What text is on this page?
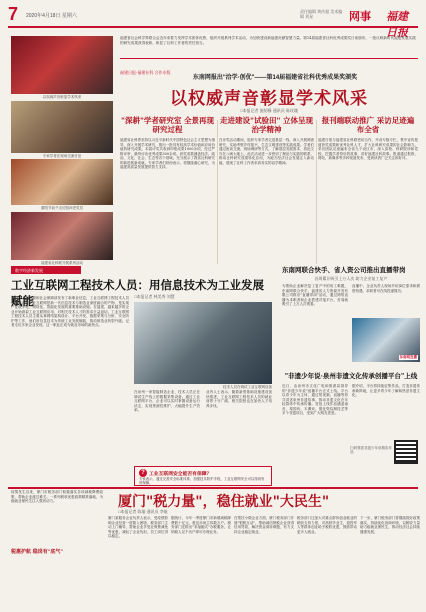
7 2020年4月18日 星期六
责任编辑 黄传超 美术编辑 刘星	网事 福建日报
以权威声音彰显学术风采
专家学者在现场交流讨论
重阳节前夕走访慰问老党员
福建省社科联开展系列活动
福建省社会科学界联合会近年来着力发挥学术团体优势，组织开展系列学术活动，为加快建设新福建贡献智慧力量。第14届福建省社科优秀成果奖日前颁布，一批反映新时代福建发展实践的研究成果获得表彰，彰显了社科工作者的责任担当。
福建日报·福建社科 合作专版
东南网报出"洽学·创优"——第14届福建省社科优秀成果奖颁奖
以权威声音彰显学术风采
□本报记者 施韧静 通讯员 陈玫瑰
"深耕"学者研究室 全景再现研究过程
福建省社科界坚持以习近平新时代中国特色社会主义思想为指导，深入开展学术研究，推出一批具有较高学术价值和应用价值的研究成果。本届评奖共收到申报成果1000余项，经过严格评审，最终评出优秀成果300余项。获奖成果涵盖经济、政治、文化、社会、生态等各个领域，充分展示了我省社科研究的新进展新成就。专家学者们纷纷表示，将继续潜心研究，为福建高质量发展提供智力支持。
走进建设"试验田" 立体呈现治学精神
在评奖活动期间，组织专家学者走进基层一线，深入开展调查研究，实地考察乡村振兴、生态文明建设等实践成果。学者们通过座谈交流、现场调研等方式，了解基层发展需求，将论文写在八闽大地上。此次活动进一步密切了理论与实践的联系，推动社科研究成果转化应用，为地方经济社会发展注入新动能，展现了社科工作者求真务实的治学精神。
报刊端联动推广 采访足迹遍布全省
福建日报与福建省社科联密切合作，开设专版专栏，集中宣传报道获奖成果和优秀社科人才，扩大社科研究成果的社会影响力。采访团队足迹遍布全省九个设区市，深入高校、科研院所和党校，挖掘学者背后的故事，讲好福建社科故事。报道通过报纸、网站、新媒体等多种渠道发布，受到读者广泛关注和好评。
数字经济新发展
工业互联网工程技术人员：用信息技术为工业发展赋能	□本报记者 林美秀 刘慧
近日，人力资源和社会保障部发布了新职业信息，工业互联网工程技术人员位列其中。工业互联网是新一代信息技术与制造业深度融合的产物，是实现产业数字化、网络化、智能化发展的重要基础设施。在福建，越来越多的企业开始探索工业互联网应用，对相关技术人才的需求日益迫切。工业互联网工程技术人员主要从事网络架构设计、平台开发、数据采集与分析、安全防护等工作，他们用信息技术为传统工业发展赋能，推动制造业转型升级。记者走访多家企业发现，这一职业正成为就业市场的新热点。
技术人员在调试工业互联网设备
在泉州一家智能制造企业，技术人员正在调试生产线上的数据采集设备。通过工业互联网平台，企业可以实时掌握设备运行状态，实现预测性维护，大幅提升生产效率。
业内人士表示，随着新型基础设施建设加快推进，工业互联网工程技术人员的就业前景十分广阔，相关院校也在加快人才培养步伐。
? 工业互联网安全能否有保障？
专家表示，通过完善安全标准体系、加强技术防护手段，工业互联网安全可以得到有效保障。
东南网联合快手、省人资公司推出直播带岗
首周累计吸引上万人次 助力企业复工复产
为帮助企业解决复工复产中的用工难题，东南网联合快手、福建省人力资源开发有限公司推出"直播带岗"活动，通过网络直播为求职者和企业搭建对接平台，首周就吸引了上万人次观看。
直播中，企业负责人现场介绍岗位需求和薪资待遇，求职者可在线投递简历。
东南网直播
"非遗少年说·泉州非遗文化传承创播平台"上线
近日，由泉州市文化广电和旅游局指导的"非遗少年说"创播平台正式上线。平台以青少年为主体，通过短视频、直播等形式讲述泉州非遗故事，推动非遗文化在年轻群体中传承传播。首批上线作品涵盖南音、梨园戏、木偶戏、德化瓷烧制技艺等多个非遗项目，受到广大网友喜爱。
据介绍，平台将持续征集作品，打造非遗传承新阵地，让更多青少年了解和热爱非遗文化。
扫码观看非遗少年说精彩作品
疫情发生以来，厦门市税务部门积极落实各项减税降费政策，帮助企业渡过难关。一系列税收优惠政策精准落地，为稳就业保民生注入强劲动力。
税惠护航 稳岗有"底气"
厦门"税力量"，稳住就业"大民生"
□本报记者 陈瑜 通讯员 李航
厦门某服务企业负责人表示，受疫情影响企业经营一度陷入困境，税务部门主动上门辅导，帮助企业享受社保费减免等优惠，减轻了企业负担，员工岗位得以稳定。
据统计，今年一季度厦门市新增减税降费数十亿元，惠及市场主体数万户。税务部门还推出"非接触式"办税服务，让纳税人足不出户即可办理业务。
在帮扶小微企业方面，厦门税务部门开展"银税互动"，帮助诚信纳税企业获得信用贷款，解决资金周转难题，有力支持企业稳定就业。
税务部门还加大对重点群体创业就业的税收支持力度，对高校毕业生、退役军人等群体创业给予税收优惠，鼓励带动更多人就业。
下一步，厦门税务部门将继续抓好政策落实，持续优化营商环境，以税收力量助力稳就业保民生，推动经济社会持续健康发展。
